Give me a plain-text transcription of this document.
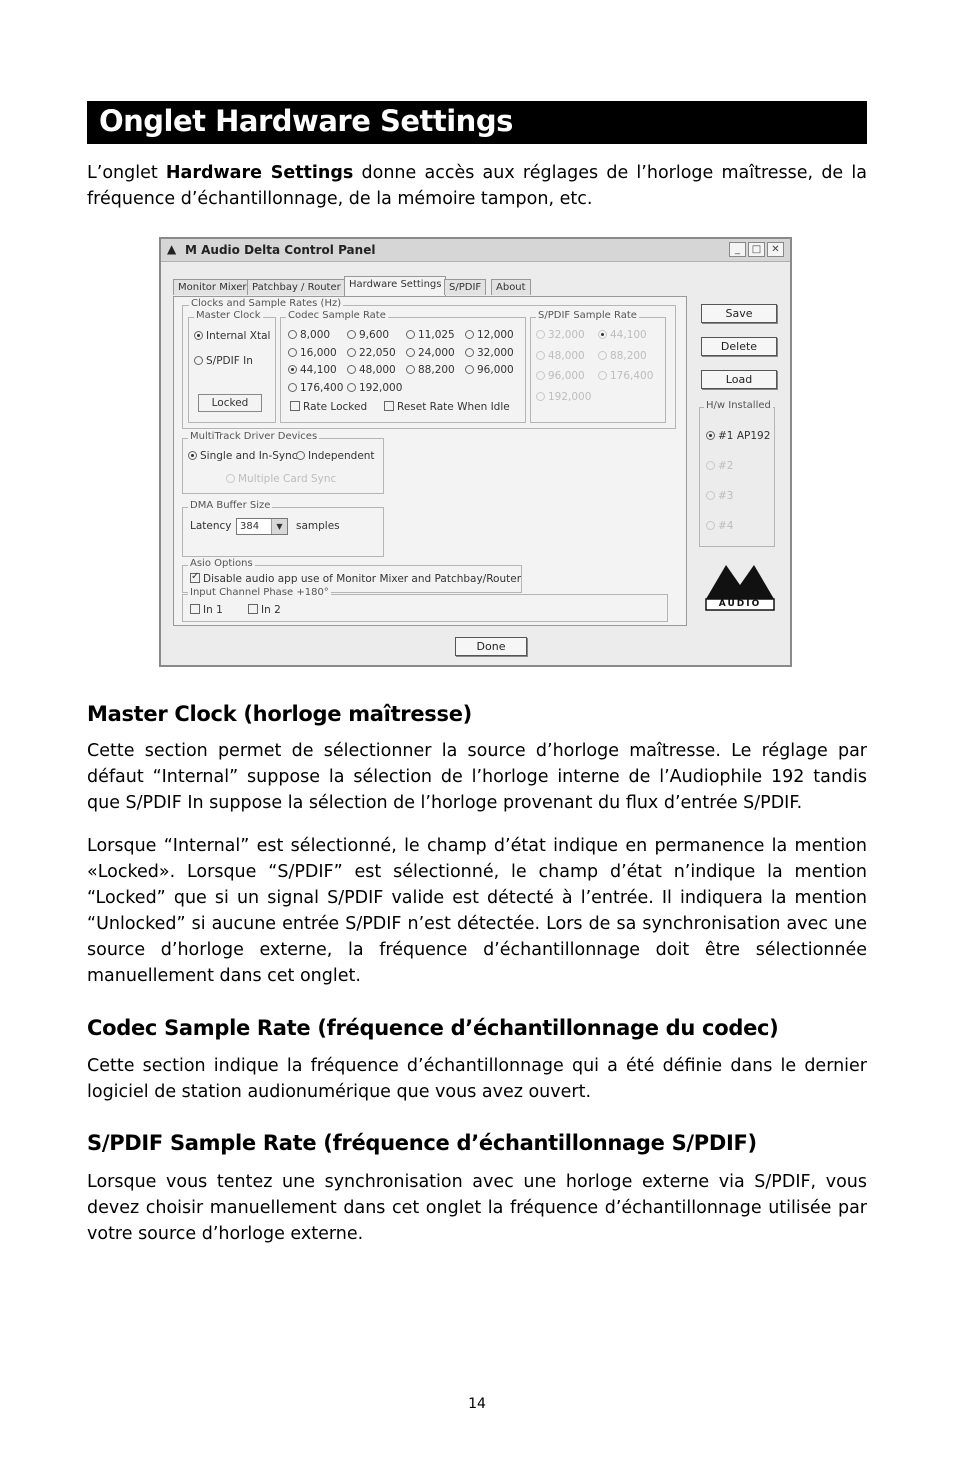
Onglet Hardware Settings
L’onglet Hardware Settings donne accès aux réglages de l’horloge maîtresse, de la fréquence d’échantillonnage, de la mémoire tampon, etc.
▲ M Audio Delta Control Panel	_	□	✕
Monitor Mixer Patchbay / Router Hardware Settings S/PDIF	About
Clocks and Sample Rates (Hz)
Master Clock
Internal Xtal
S/PDIF In
Locked
Codec Sample Rate
Rate Locked	Reset Rate When Idle
S/PDIF Sample Rate
MultiTrack Driver Devices
Single and In-Sync Independent
Multiple Card Sync
DMA Buffer Size
Latency 384	▼	samples
Asio Options
✓Disable audio app use of Monitor Mixer and Patchbay/Router
Input Channel Phase +180°
In 1	In 2
8,000	9,600	11,025	12,000
16,000	22,050	24,000	32,000
44,100	48,000	88,200	96,000
176,400	192,000
32,000	44,100
48,000	88,200
96,000	176,400
192,000
Save
Delete
Load
H/w Installed
AUDIO
Done
#1 AP192
#2
#3
#4
Master Clock (horloge maîtresse)
Cette section permet de sélectionner la source d’horloge maîtresse. Le réglage par défaut “Internal” suppose la sélection de l’horloge interne de l’Audiophile 192 tandis que S/PDIF In suppose la sélection de l’horloge provenant du flux d’entrée S/PDIF.
Lorsque “Internal” est sélectionné, le champ d’état indique en permanence la mention «Locked». Lorsque “S/PDIF” est sélectionné, le champ d’état n’indique la mention “Locked” que si un signal S/PDIF valide est détecté à l’entrée. Il indiquera la mention “Unlocked” si aucune entrée S/PDIF n’est détectée. Lors de sa synchronisation avec une source d’horloge externe, la fréquence d’échantillonnage doit être sélectionnée manuellement dans cet onglet.
Codec Sample Rate (fréquence d’échantillonnage du codec)
Cette section indique la fréquence d’échantillonnage qui a été définie dans le dernier logiciel de station audionumérique que vous avez ouvert.
S/PDIF Sample Rate (fréquence d’échantillonnage S/PDIF)
Lorsque vous tentez une synchronisation avec une horloge externe via S/PDIF, vous devez choisir manuellement dans cet onglet la fréquence d’échantillonnage utilisée par votre source d’horloge externe.
14
